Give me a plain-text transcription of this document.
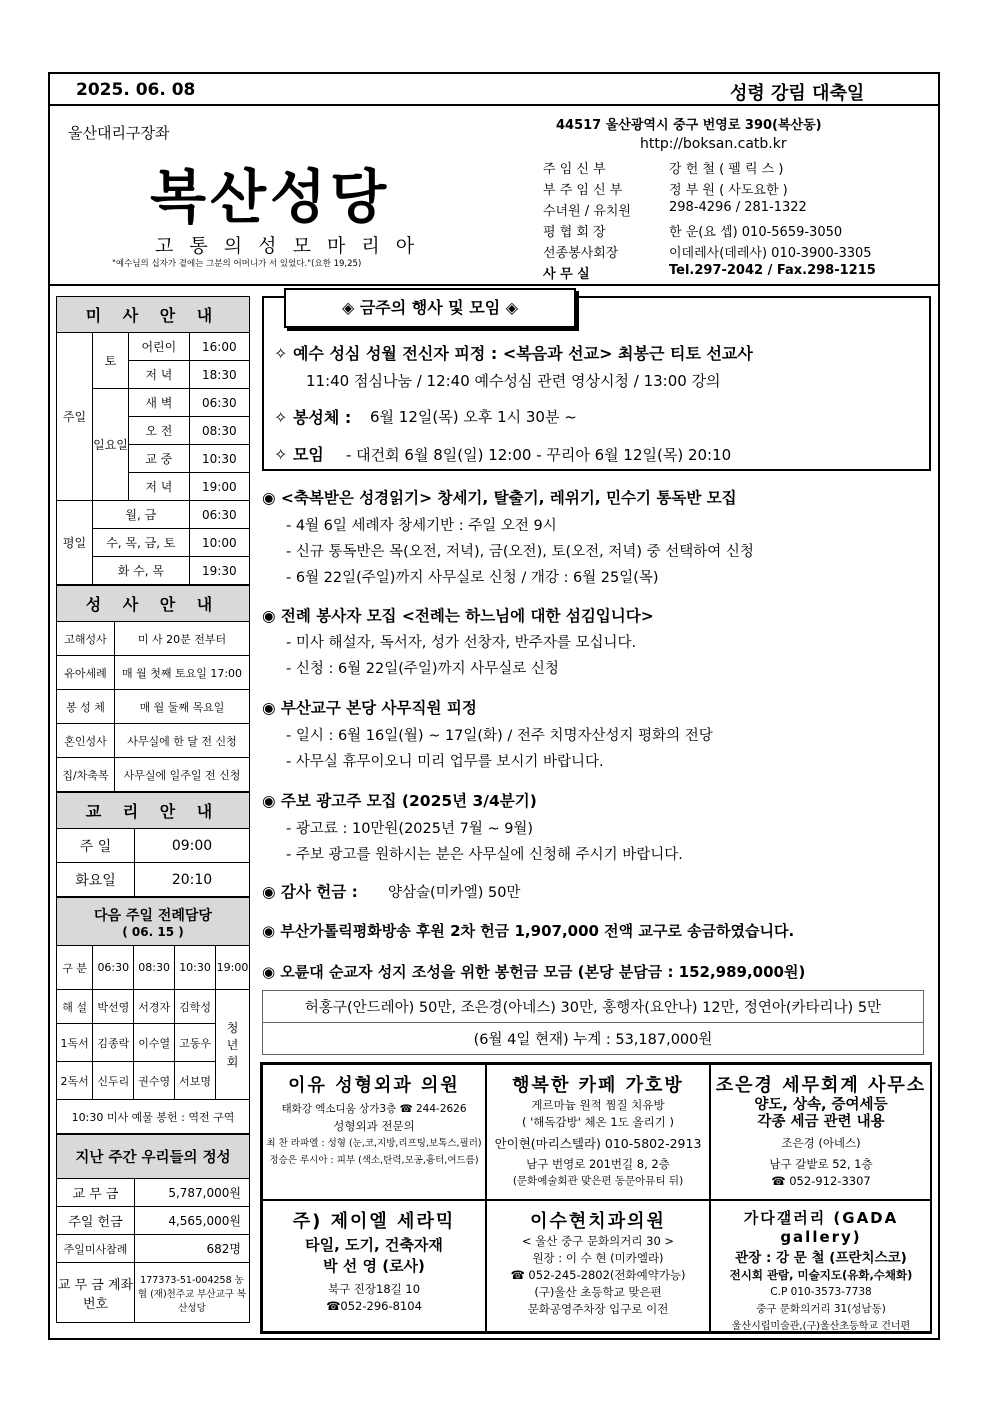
2025. 06. 08	성령 강림 대축일
울산대리구장좌
복산성당
고 통 의 성 모 마 리 아
"예수님의 십자가 곁에는 그분의 어머니가 서 있었다."(요한 19,25)
44517 울산광역시 중구 번영로 390(복산동)
http://boksan.catb.kr
주 임 신 부	강 헌 철 ( 펠 릭 스 )
부 주 임 신 부	정 부 원 ( 사도요한 )
수녀원 / 유치원	298-4296 / 281-1322
평 협 회 장	한 운(요 셉) 010-5659-3050
선종봉사회장	이데레사(데레사) 010-3900-3305
사 무 실	Tel.297-2042 / Fax.298-1215
미 사 안 내			
주일	토	어린이	16:00
		저 녁	18:30
	일요일	새 벽	06:30
		오 전	08:30
		교 중	10:30
		저 녁	19:00
평일	월, 금		06:30
	수, 목, 금, 토		10:00
	화 수, 목		19:30
성 사 안 내	
고해성사	미 사 20분 전부터
유아세례	매 월 첫째 토요일 17:00
봉 성 체	매 월 둘째 목요일
혼인성사	사무실에 한 달 전 신청
집/차축복	사무실에 일주일 전 신청
교 리 안 내	
주 일	09:00
화요일	20:10
다음 주일 전례담당
( 06. 15 )				

구 분	06:30	08:30	10:30	19:00
해 설	박선영	서경자	김학성	청년회
1독서	김종락	이수열	고동우	
2독서	신두리	권수영	서보명	
10:30 미사 예물 봉헌 : 역전 구역				
지난 주간 우리들의 정성	
교 무 금	5,787,000원
주일 헌금	4,565,000원
주일미사참례	682명
교 무 금 계좌번호	177373-51-004258 농협 (재)천주교 부산교구 복산성당
◈ 금주의 행사 및 모임 ◈
✧ 예수 성심 성월 전신자 피정 : <복음과 선교> 최봉근 티토 선교사
11:40 점심나눔 / 12:40 예수성심 관련 영상시청 / 13:00 강의
✧ 봉성체 : 6월 12일(목) 오후 1시 30분 ~
✧ 모임 - 대건회 6월 8일(일) 12:00 - 꾸리아 6월 12일(목) 20:10
◉ <축복받은 성경읽기> 창세기, 탈출기, 레위기, 민수기 통독반 모집
- 4월 6일 세례자 창세기반 : 주일 오전 9시
- 신규 통독반은 목(오전, 저녁), 금(오전), 토(오전, 저녁) 중 선택하여 신청
- 6월 22일(주일)까지 사무실로 신청 / 개강 : 6월 25일(목)
◉ 전례 봉사자 모집 <전례는 하느님에 대한 섬김입니다>
- 미사 해설자, 독서자, 성가 선창자, 반주자를 모십니다.
- 신청 : 6월 22일(주일)까지 사무실로 신청
◉ 부산교구 본당 사무직원 피정
- 일시 : 6월 16일(월) ~ 17일(화) / 전주 치명자산성지 평화의 전당
- 사무실 휴무이오니 미리 업무를 보시기 바랍니다.
◉ 주보 광고주 모집 (2025년 3/4분기)
- 광고료 : 10만원(2025년 7월 ~ 9월)
- 주보 광고를 원하시는 분은 사무실에 신청해 주시기 바랍니다.
◉ 감사 헌금 : 양삼술(미카엘) 50만
◉ 부산가톨릭평화방송 후원 2차 헌금 1,907,000 전액 교구로 송금하였습니다.
◉ 오륜대 순교자 성지 조성을 위한 봉헌금 모금 (본당 분담금 : 152,989,000원)
허홍구(안드레아) 50만, 조은경(아네스) 30만, 홍행자(요안나) 12만, 정연아(카타리나) 5만
(6월 4일 현재) 누계 : 53,187,000원
이유 성형외과 의원
태화강 엑소디움 상가3층 ☎ 244-2626
성형외과 전문의
최 찬 라파엘 : 성형 (눈,코,지방,리프팅,보톡스,필러)
정승은 루시아 : 피부 (색소,탄력,모공,흉터,여드름)
행복한 카페 가호방
게르마늄 원적 찜질 치유방
( '해독감방' 체온 1도 올리기 )
안이현(마리스텔라) 010-5802-2913
남구 번영로 201번길 8, 2층
(문화예술회관 맞은편 동문아뮤티 뒤)
조은경 세무회계 사무소
양도, 상속, 증여세등
각종 세금 관련 내용
조은경 (아네스)
남구 갈밭로 52, 1층
☎ 052-912-3307
주) 제이엘 세라믹
타일, 도기, 건축자재
박 선 영 (로사)
북구 진장18길 10
☎052-296-8104
이수현치과의원
< 울산 중구 문화의거리 30 >
원장 : 이 수 현 (미카엘라)
☎ 052-245-2802(전화예약가능)
(구)울산 초등학교 맞은편
문화공영주차장 입구로 이전
가다갤러리 (GADA gallery)
관장 : 강 문 철 (프란치스코)
전시회 관람, 미술지도(유화,수채화)
C.P 010-3573-7738
중구 문화의거리 31(성남동)
울산시립미술관,(구)울산초등학교 건너편
